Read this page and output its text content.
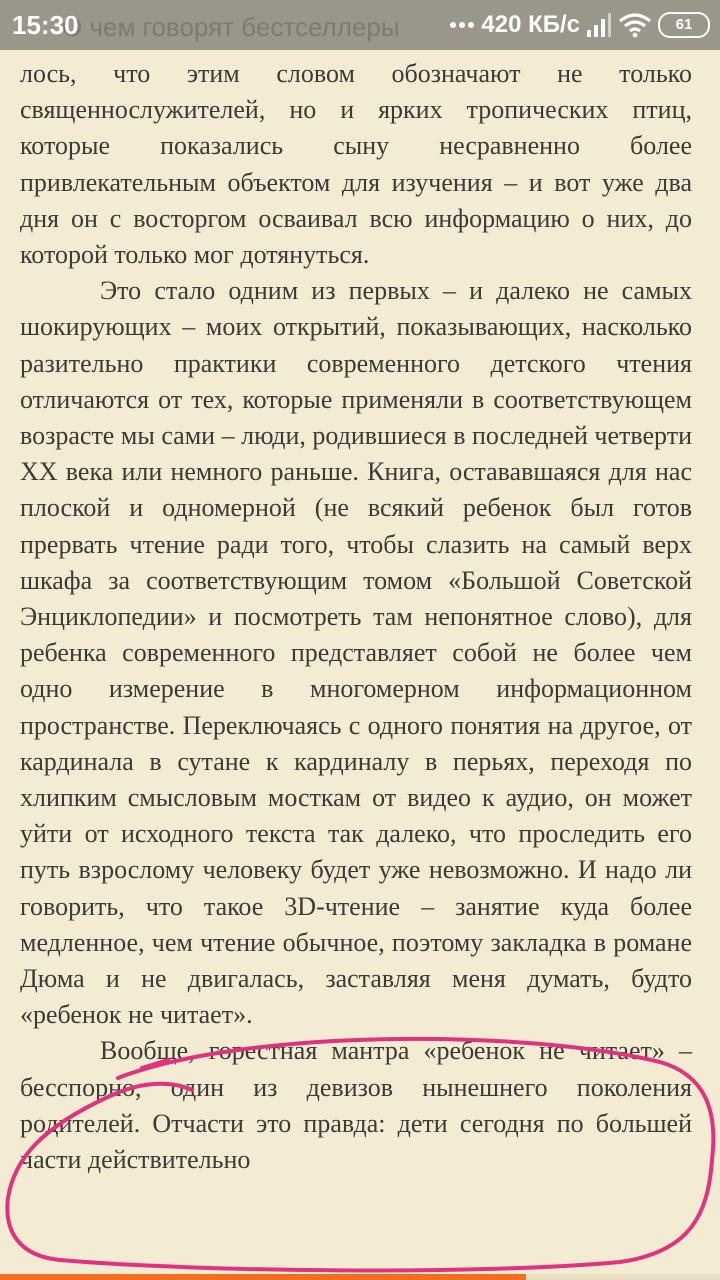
О чем говорят бестселлеры
15:30	420 КБ/с	61

лось, что этим словом обозначают не только священнослужителей, но и ярких тропических птиц, которые показались сыну несравненно более привлекательным объектом для изучения – и вот уже два дня он с восторгом осваивал всю информацию о них, до которой только мог дотянуться.

Это стало одним из первых – и далеко не самых шокирующих – моих открытий, показывающих, насколько разительно практики современного детского чтения отличаются от тех, которые применяли в соответствующем возрасте мы сами – люди, родившиеся в последней четверти XX века или немного раньше. Книга, остававшаяся для нас плоской и одномерной (не всякий ребенок был готов прервать чтение ради того, чтобы слазить на самый верх шкафа за соответствующим томом «Большой Советской Энциклопедии» и посмотреть там непонятное слово), для ребенка современного представляет собой не более чем одно измерение в многомерном информационном пространстве. Переключаясь с одного понятия на другое, от кардинала в сутане к кардиналу в перьях, переходя по хлипким смысловым мосткам от видео к аудио, он может уйти от исходного текста так далеко, что проследить его путь взрослому человеку будет уже невозможно. И надо ли говорить, что такое 3D-чтение – занятие куда более медленное, чем чтение обычное, поэтому закладка в романе Дюма и не двигалась, заставляя меня думать, будто «ребенок не читает».

Вообще, горестная мантра «ребенок не читает» – бесспорно, один из девизов нынешнего поколения родителей. Отчасти это правда: дети сегодня по большей части действительно
